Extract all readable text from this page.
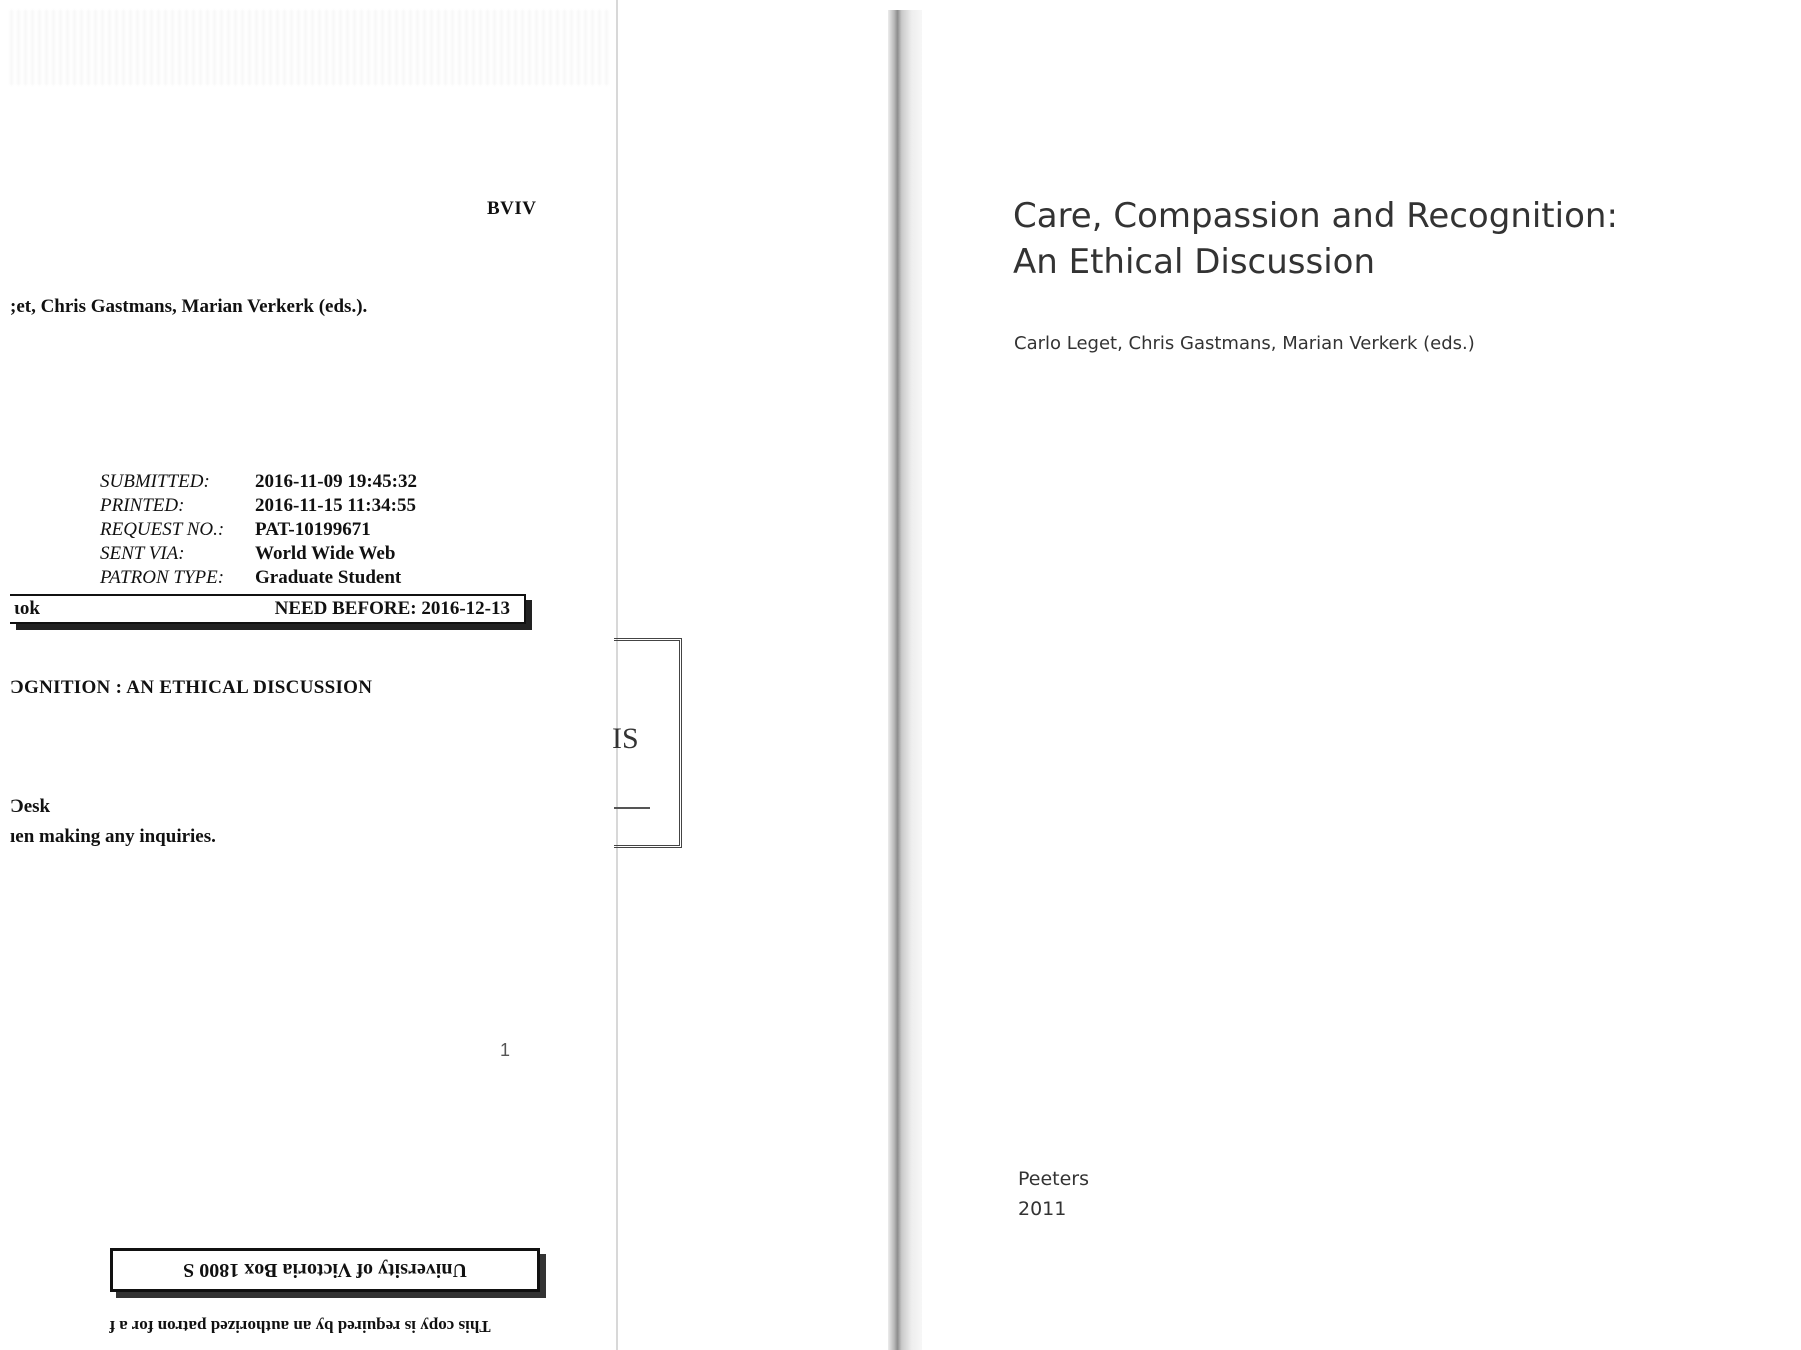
BVIV
;et, Chris Gastmans, Marian Verkerk (eds.).
SUBMITTED:	2016-11-09 19:45:32
PRINTED:	2016-11-15 11:34:55
REQUEST NO.:	PAT-10199671
SENT VIA:	World Wide Web
PATRON TYPE:	Graduate Student
ɩok	NEED BEFORE: 2016-12-13
ƆGNITION : AN ETHICAL DISCUSSION
Ɔesk
ıen making any inquiries.
1
IS
University of Victoria Box 1800 S
This copy is required by an authorized patron for a f
Care, Compassion and Recognition:
An Ethical Discussion
Carlo Leget, Chris Gastmans, Marian Verkerk (eds.)
Peeters
2011
